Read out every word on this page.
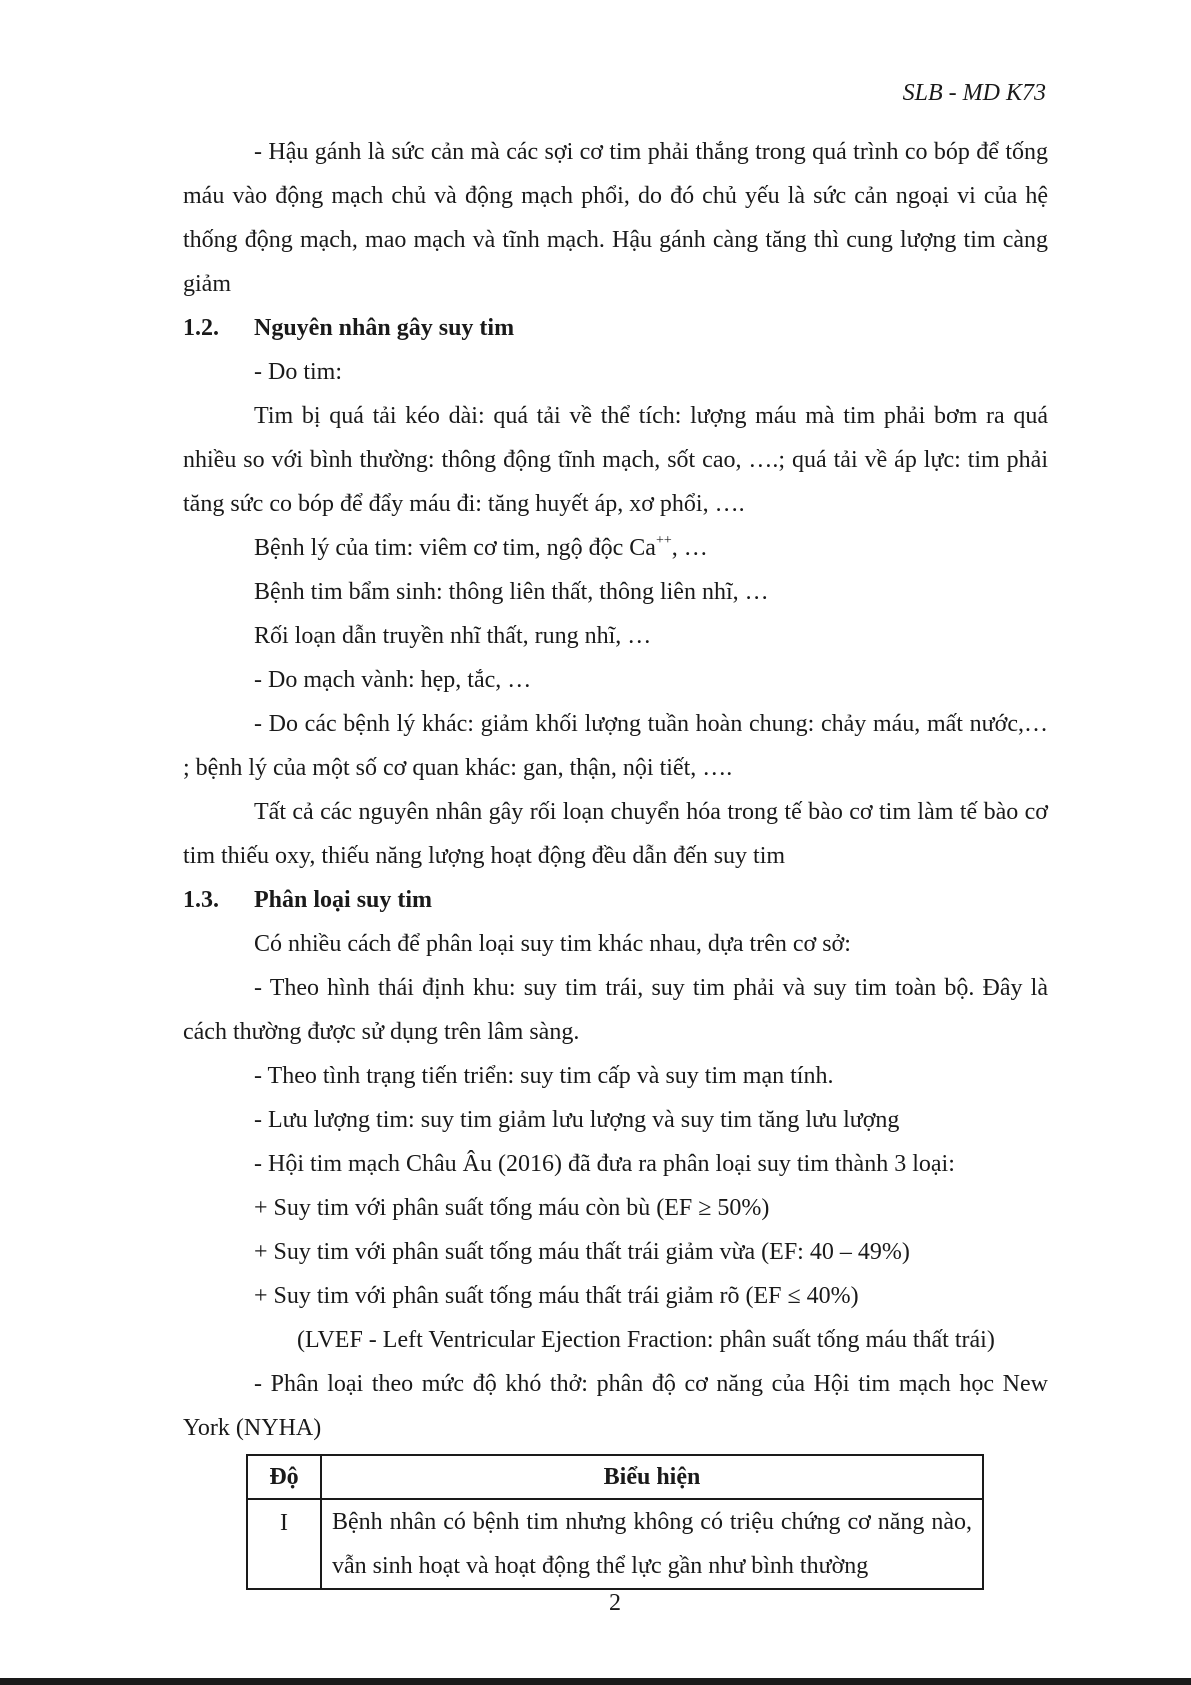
SLB - MD K73

- Hậu gánh là sức cản mà các sợi cơ tim phải thắng trong quá trình co bóp để tống máu vào động mạch chủ và động mạch phổi, do đó chủ yếu là sức cản ngoại vi của hệ thống động mạch, mao mạch và tĩnh mạch. Hậu gánh càng tăng thì cung lượng tim càng giảm

1.2.	Nguyên nhân gây suy tim

- Do tim:

Tim bị quá tải kéo dài: quá tải về thể tích: lượng máu mà tim phải bơm ra quá nhiều so với bình thường: thông động tĩnh mạch, sốt cao, ….; quá tải về áp lực: tim phải tăng sức co bóp để đẩy máu đi: tăng huyết áp, xơ phổi, ….

Bệnh lý của tim: viêm cơ tim, ngộ độc Ca++, …

Bệnh tim bẩm sinh: thông liên thất, thông liên nhĩ, …

Rối loạn dẫn truyền nhĩ thất, rung nhĩ, …

- Do mạch vành: hẹp, tắc, …

- Do các bệnh lý khác: giảm khối lượng tuần hoàn chung: chảy máu, mất nước,… ; bệnh lý của một số cơ quan khác: gan, thận, nội tiết, ….

Tất cả các nguyên nhân gây rối loạn chuyển hóa trong tế bào cơ tim làm tế bào cơ tim thiếu oxy, thiếu năng lượng hoạt động đều dẫn đến suy tim

1.3.	Phân loại suy tim

Có nhiều cách để phân loại suy tim khác nhau, dựa trên cơ sở:

- Theo hình thái định khu: suy tim trái, suy tim phải và suy tim toàn bộ. Đây là cách thường được sử dụng trên lâm sàng.

- Theo tình trạng tiến triển: suy tim cấp và suy tim mạn tính.

- Lưu lượng tim: suy tim giảm lưu lượng và suy tim tăng lưu lượng

- Hội tim mạch Châu Âu (2016) đã đưa ra phân loại suy tim thành 3 loại:

+ Suy tim với phân suất tống máu còn bù (EF ≥ 50%)

+ Suy tim với phân suất tống máu thất trái giảm vừa (EF: 40 – 49%)

+ Suy tim với phân suất tống máu thất trái giảm rõ (EF ≤ 40%)

(LVEF - Left Ventricular Ejection Fraction: phân suất tống máu thất trái)

- Phân loại theo mức độ khó thở: phân độ cơ năng của Hội tim mạch học New York (NYHA)

Độ	Biểu hiện
I	Bệnh nhân có bệnh tim nhưng không có triệu chứng cơ năng nào, vẫn sinh hoạt và hoạt động thể lực gần như bình thường
2
